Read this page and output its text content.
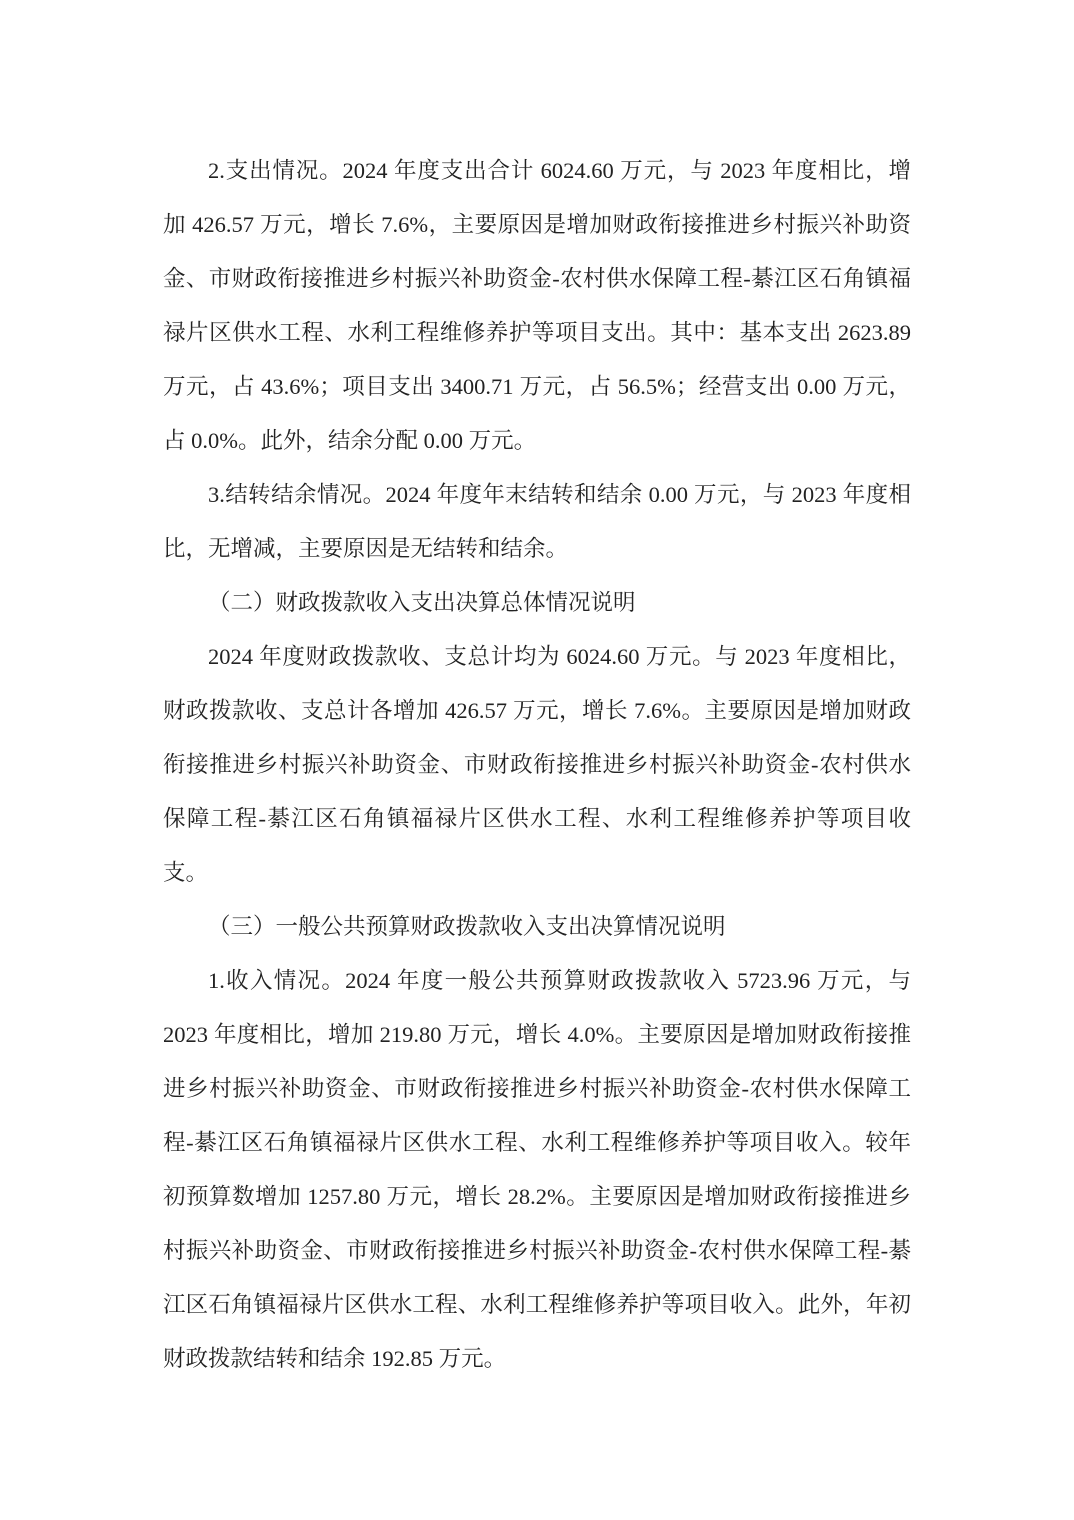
2.支出情况。2024 年度支出合计 6024.60 万元，与 2023 年度相比，增加 426.57 万元，增长 7.6%，主要原因是增加财政衔接推进乡村振兴补助资金、市财政衔接推进乡村振兴补助资金-农村供水保障工程-綦江区石角镇福禄片区供水工程、水利工程维修养护等项目支出。其中：基本支出 2623.89 万元，占 43.6%；项目支出 3400.71 万元，占 56.5%；经营支出 0.00 万元，占 0.0%。此外，结余分配 0.00 万元。

3.结转结余情况。2024 年度年末结转和结余 0.00 万元，与 2023 年度相比，无增减，主要原因是无结转和结余。

（二）财政拨款收入支出决算总体情况说明

2024 年度财政拨款收、支总计均为 6024.60 万元。与 2023 年度相比，财政拨款收、支总计各增加 426.57 万元，增长 7.6%。主要原因是增加财政衔接推进乡村振兴补助资金、市财政衔接推进乡村振兴补助资金-农村供水保障工程-綦江区石角镇福禄片区供水工程、水利工程维修养护等项目收支。

（三）一般公共预算财政拨款收入支出决算情况说明

1.收入情况。2024 年度一般公共预算财政拨款收入 5723.96 万元，与 2023 年度相比，增加 219.80 万元，增长 4.0%。主要原因是增加财政衔接推进乡村振兴补助资金、市财政衔接推进乡村振兴补助资金-农村供水保障工程-綦江区石角镇福禄片区供水工程、水利工程维修养护等项目收入。较年初预算数增加 1257.80 万元，增长 28.2%。主要原因是增加财政衔接推进乡村振兴补助资金、市财政衔接推进乡村振兴补助资金-农村供水保障工程-綦江区石角镇福禄片区供水工程、水利工程维修养护等项目收入。此外，年初财政拨款结转和结余 192.85 万元。
